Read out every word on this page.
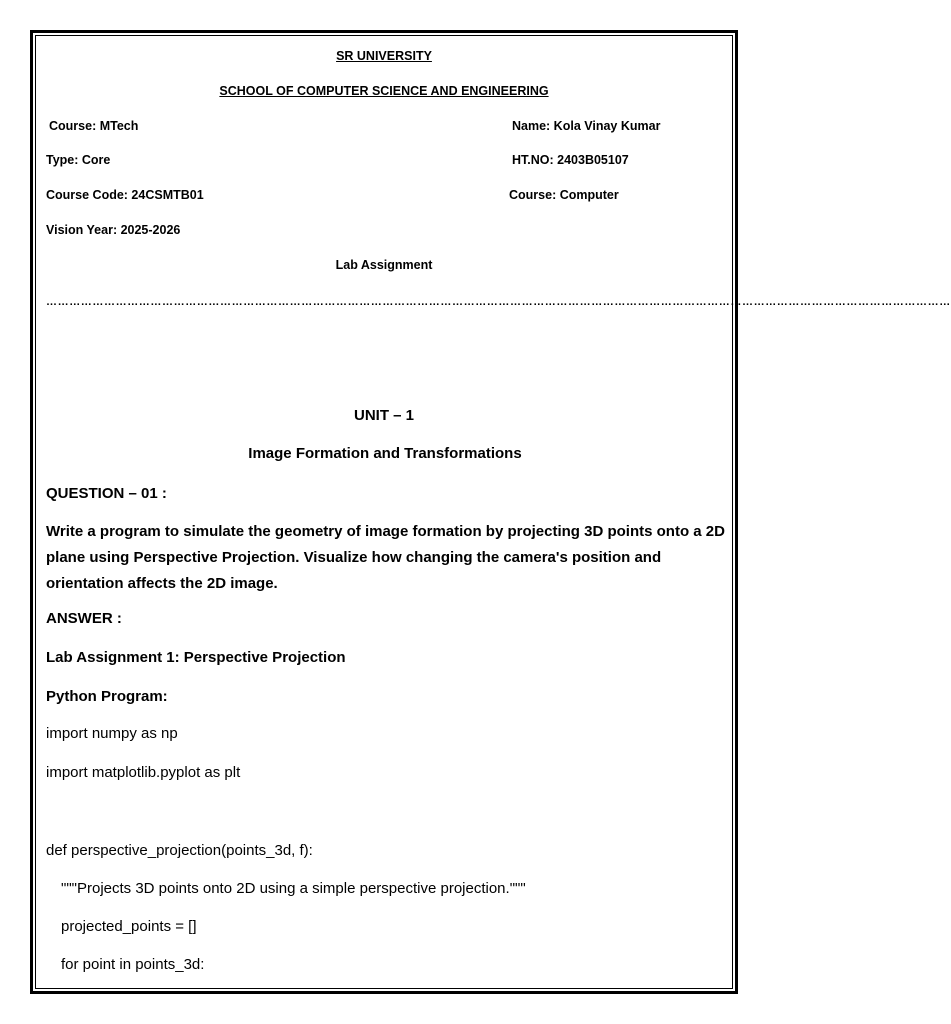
SR UNIVERSITY
SCHOOL OF COMPUTER SCIENCE AND ENGINEERING
Course: MTech	Name: Kola Vinay Kumar
Type: Core	HT.NO: 2403B05107
Course Code: 24CSMTB01	Course: Computer
Vision Year: 2025-2026
Lab Assignment
………………………………………………………………………………………………………………………………………………………………………………………………………………
UNIT – 1
Image Formation and Transformations
QUESTION – 01 :
Write a program to simulate the geometry of image formation by projecting 3D points onto a 2D plane using Perspective Projection. Visualize how changing the camera's position and orientation affects the 2D image.
ANSWER :
Lab Assignment 1: Perspective Projection
Python Program:
import numpy as np
import matplotlib.pyplot as plt
def perspective_projection(points_3d, f):
"""Projects 3D points onto 2D using a simple perspective projection."""
projected_points = []
for point in points_3d:
